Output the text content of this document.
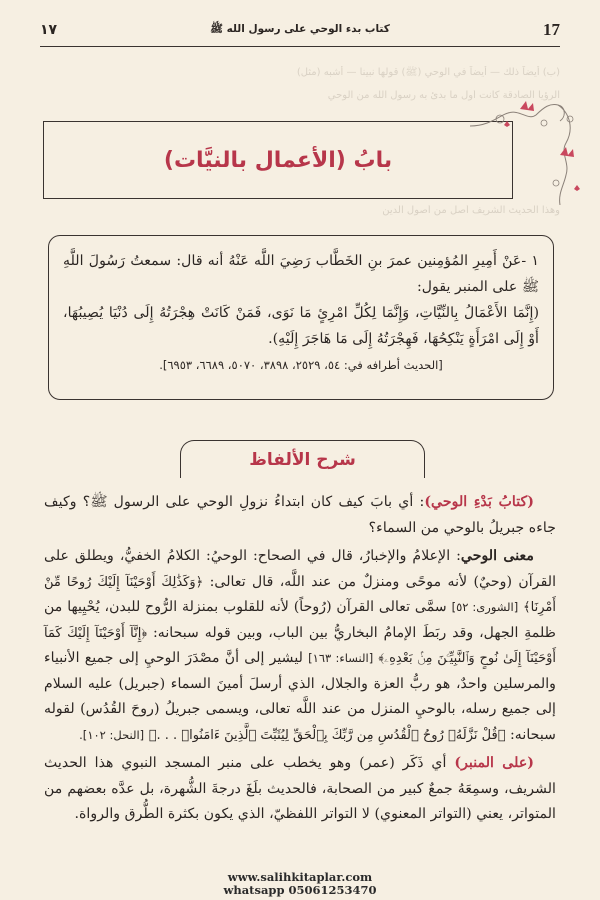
١٧	كتاب بدء الوحي على رسول الله ﷺ	17
(ب) أيضاً ذلك — أيضاً في الوحي (ﷺ) قولها نبينا — أشبه (مثل)
الرؤيا الصادقة كانت أول ما بدئ به رسول الله من الوحي
وهذا الحديث الشريف أصل من أصول الدين
بابُ (الأعمال بالنيَّات)

١ -عَنْ أَمِيرِ المُؤمِنين عمرَ بنِ الخَطَّاب رَضِيَ اللَّه عَنْهُ أنه قال: سمعتُ رَسُولَ اللَّهِ ﷺ على المنبر يقول:

(إِنَّمَا الأَعْمَالُ بِالنِّيَّاتِ، وَإِنَّمَا لِكُلِّ امْرِئٍ مَا نَوَى، فَمَنْ كَانَتْ هِجْرَتُهُ إِلَى دُنْيَا يُصِيبُهَا، أَوْ إِلَى امْرَأَةٍ يَنْكِحُهَا، فَهِجْرَتُهُ إِلَى مَا هَاجَرَ إِلَيْهِ).

[الحديث أطرافه في: ٥٤، ٢٥٢٩، ٣٨٩٨، ٥٠٧٠، ٦٦٨٩، ٦٩٥٣].

شرح الألفاظ

(كتابُ بَدْءِ الوحي): أي بابَ كيف كان ابتداءُ نزولِ الوحي على الرسول ﷺ؟ وكيف جاءه جبريلُ بالوحي من السماء؟

معنى الوحي: الإعلامُ والإخبارُ، قال في الصحاح: الوحيُ: الكلامُ الخفيُّ، ويطلق على القرآن (وحيٌ) لأنه موحًى ومنزلٌ من عند اللَّه، قال تعالى: ﴿وَكَذَٰلِكَ أَوْحَيْنَآ إِلَيْكَ رُوحًا مِّنْ أَمْرِنَا﴾ [الشورى: ٥٢] سمَّى تعالى القرآن (رُوحاً) لأنه للقلوب بمنزلة الرُّوح للبدن، يُحْيِيها من ظلمةِ الجهل، وقد ربَطَ الإمامُ البخاريُّ بين الباب، وبين قوله سبحانه: ﴿إِنَّآ أَوْحَيْنَآ إِلَيْكَ كَمَآ أَوْحَيْنَآ إِلَىٰ نُوحٍ وَٱلنَّبِيِّـۧنَ مِنۢ بَعْدِهِۦ﴾ [النساء: ١٦٣] ليشير إلى أنَّ مصْدَرَ الوحيِ إلى جميع الأنبياء والمرسلين واحدٌ، هو ربُّ العزة والجلال، الذي أرسلَ أمينَ السماء (جبريل) عليه السلام إلى جميع رسله، بالوحيِ المنزل من عند اللَّه تعالى، ويسمى جبريلُ (روحَ القُدُس) لقوله سبحانه: ﴿قُلْ نَزَّلَهُۥ رُوحُ ٱلْقُدُسِ مِن رَّبِّكَ بِٱلْحَقِّ لِيُثَبِّتَ ٱلَّذِينَ ءَامَنُوا۟ . . .﴾ [النحل: ١٠٢].

(على المنبر) أي ذَكَر (عمر) وهو يخطب على منبر المسجد النبوي هذا الحديث الشريف، وسمِعَهُ جمعٌ كبير من الصحابة، فالحديث بلَغَ درجةَ الشُّهرة، بل عدَّه بعضهم من المتواتر، يعني (التواتر المعنوي) لا التواتر اللفظيّ، الذي يكون بكثرة الطُّرق والرواة.

www.salihkitaplar.com
whatsapp 05061253470
